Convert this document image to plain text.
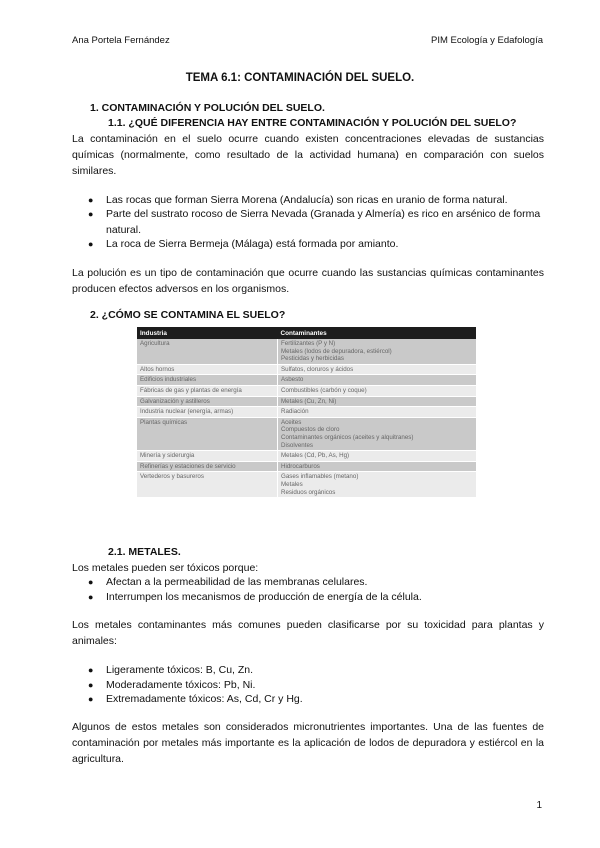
Ana Portela Fernández	PIM Ecología y Edafología
TEMA 6.1: CONTAMINACIÓN DEL SUELO.
1. CONTAMINACIÓN Y POLUCIÓN DEL SUELO.
1.1. ¿QUÉ DIFERENCIA HAY ENTRE CONTAMINACIÓN Y POLUCIÓN DEL SUELO?
La contaminación en el suelo ocurre cuando existen concentraciones elevadas de sustancias químicas (normalmente, como resultado de la actividad humana) en comparación con suelos similares.
● Las rocas que forman Sierra Morena (Andalucía) son ricas en uranio de forma natural.
● Parte del sustrato rocoso de Sierra Nevada (Granada y Almería) es rico en arsénico de forma natural.
● La roca de Sierra Bermeja (Málaga) está formada por amianto.
La polución es un tipo de contaminación que ocurre cuando las sustancias químicas contaminantes producen efectos adversos en los organismos.
2. ¿CÓMO SE CONTAMINA EL SUELO?
Industria	Contaminantes
Agricultura	Fertilizantes (P y N)
Metales (lodos de depuradora, estiércol)
Pesticidas y herbicidas
Altos hornos	Sulfatos, cloruros y ácidos
Edificios industriales	Asbesto
Fábricas de gas y plantas de energía	Combustibles (carbón y coque)
Galvanización y astilleros	Metales (Cu, Zn, Ni)
Industria nuclear (energía, armas)	Radiación
Plantas químicas	Aceites
Compuestos de cloro
Contaminantes orgánicos (aceites y alquitranes)
Disolventes
Minería y siderurgia	Metales (Cd, Pb, As, Hg)
Refinerías y estaciones de servicio	Hidrocarburos
Vertederos y basureros	Gases inflamables (metano)
Metales
Residuos orgánicos
2.1. METALES.
Los metales pueden ser tóxicos porque:
● Afectan a la permeabilidad de las membranas celulares.
● Interrumpen los mecanismos de producción de energía de la célula.
Los metales contaminantes más comunes pueden clasificarse por su toxicidad para plantas y animales:
● Ligeramente tóxicos: B, Cu, Zn.
● Moderadamente tóxicos: Pb, Ni.
● Extremadamente tóxicos: As, Cd, Cr y Hg.
Algunos de estos metales son considerados micronutrientes importantes. Una de las fuentes de contaminación por metales más importante es la aplicación de lodos de depuradora y estiércol en la agricultura.
1
